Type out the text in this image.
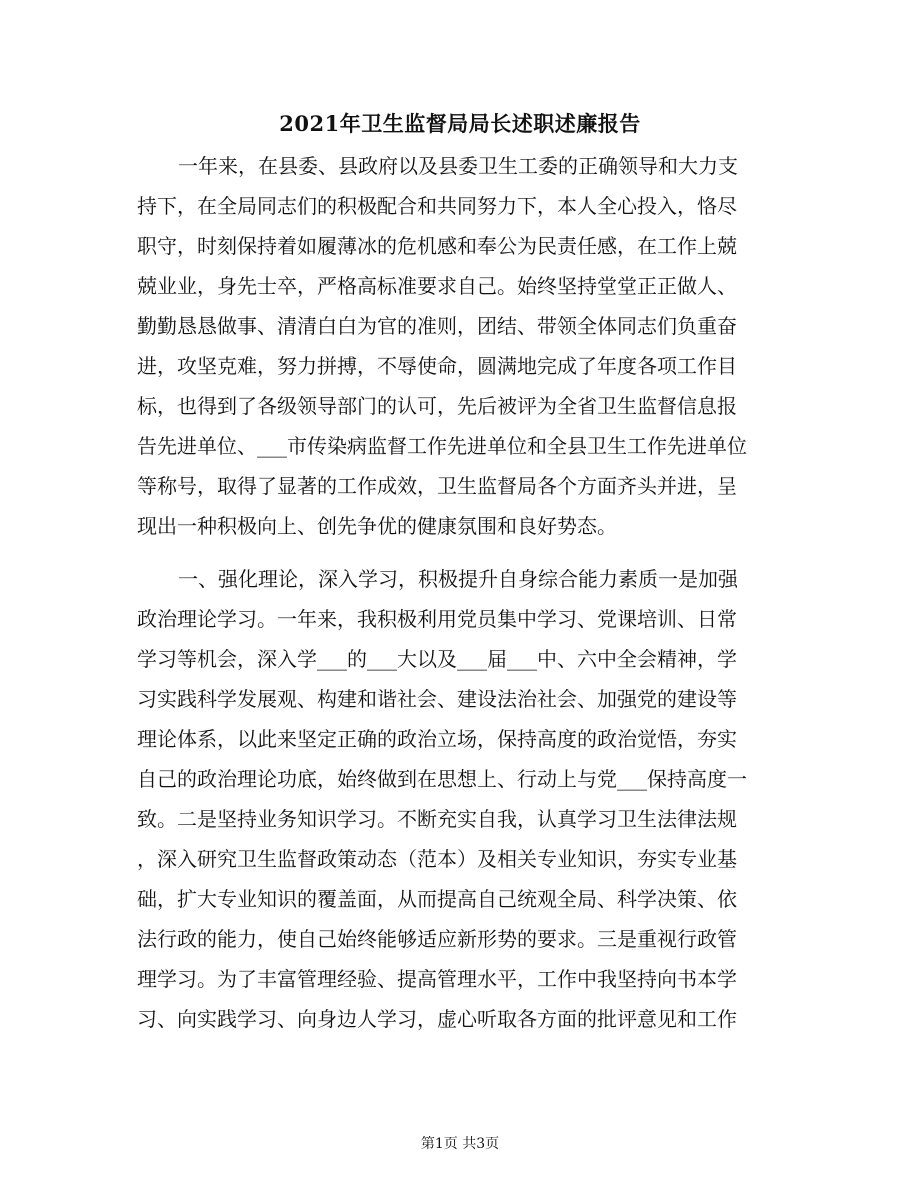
2021年卫生监督局局长述职述廉报告
一年来，在县委、县政府以及县委卫生工委的正确领导和大力支
持下，在全局同志们的积极配合和共同努力下，本人全心投入，恪尽
职守，时刻保持着如履薄冰的危机感和奉公为民责任感，在工作上兢
兢业业，身先士卒，严格高标准要求自己。始终坚持堂堂正正做人、
勤勤恳恳做事、清清白白为官的准则，团结、带领全体同志们负重奋
进，攻坚克难，努力拼搏，不辱使命，圆满地完成了年度各项工作目
标，也得到了各级领导部门的认可，先后被评为全省卫生监督信息报
告先进单位、___市传染病监督工作先进单位和全县卫生工作先进单位
等称号，取得了显著的工作成效，卫生监督局各个方面齐头并进，呈
现出一种积极向上、创先争优的健康氛围和良好势态。
一、强化理论，深入学习，积极提升自身综合能力素质一是加强
政治理论学习。一年来，我积极利用党员集中学习、党课培训、日常
学习等机会，深入学___的___大以及___届___中、六中全会精神，学
习实践科学发展观、构建和谐社会、建设法治社会、加强党的建设等
理论体系，以此来坚定正确的政治立场，保持高度的政治觉悟，夯实
自己的政治理论功底，始终做到在思想上、行动上与党___保持高度一
致。二是坚持业务知识学习。不断充实自我，认真学习卫生法律法规
，深入研究卫生监督政策动态（范本）及相关专业知识，夯实专业基
础，扩大专业知识的覆盖面，从而提高自己统观全局、科学决策、依
法行政的能力，使自己始终能够适应新形势的要求。三是重视行政管
理学习。为了丰富管理经验、提高管理水平，工作中我坚持向书本学
习、向实践学习、向身边人学习，虚心听取各方面的批评意见和工作
第1页 共3页
